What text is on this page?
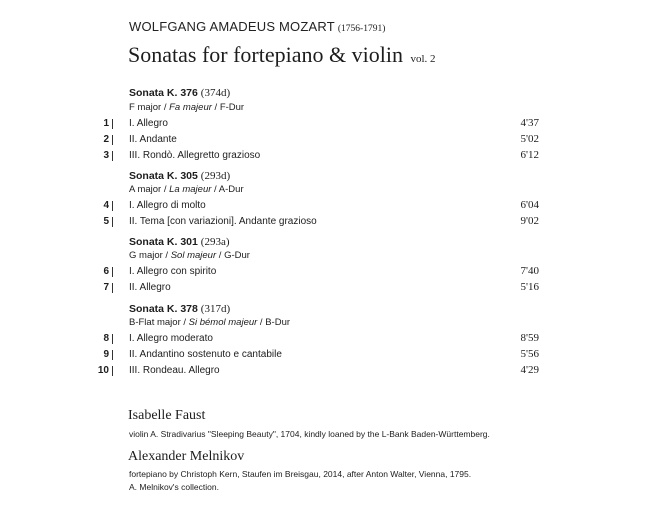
WOLFGANG AMADEUS MOZART (1756-1791)
Sonatas for fortepiano & violin vol. 2
Sonata K. 376 (374d)
F major / Fa majeur / F-Dur
1 I. Allegro	4'37
2 II. Andante	5'02
3 III. Rondò. Allegretto grazioso	6'12
Sonata K. 305 (293d)
A major / La majeur / A-Dur
4 I. Allegro di molto	6'04
5 II. Tema [con variazioni]. Andante grazioso	9'02
Sonata K. 301 (293a)
G major / Sol majeur / G-Dur
6 I. Allegro con spirito	7'40
7 II. Allegro	5'16
Sonata K. 378 (317d)
B-Flat major / Si bémol majeur / B-Dur
8 I. Allegro moderato	8'59
9 II. Andantino sostenuto e cantabile	5'56
10 III. Rondeau. Allegro	4'29
Isabelle Faust
violin A. Stradivarius "Sleeping Beauty", 1704, kindly loaned by the L-Bank Baden-Württemberg.
Alexander Melnikov
fortepiano by Christoph Kern, Staufen im Breisgau, 2014, after Anton Walter, Vienna, 1795.
A. Melnikov's collection.
